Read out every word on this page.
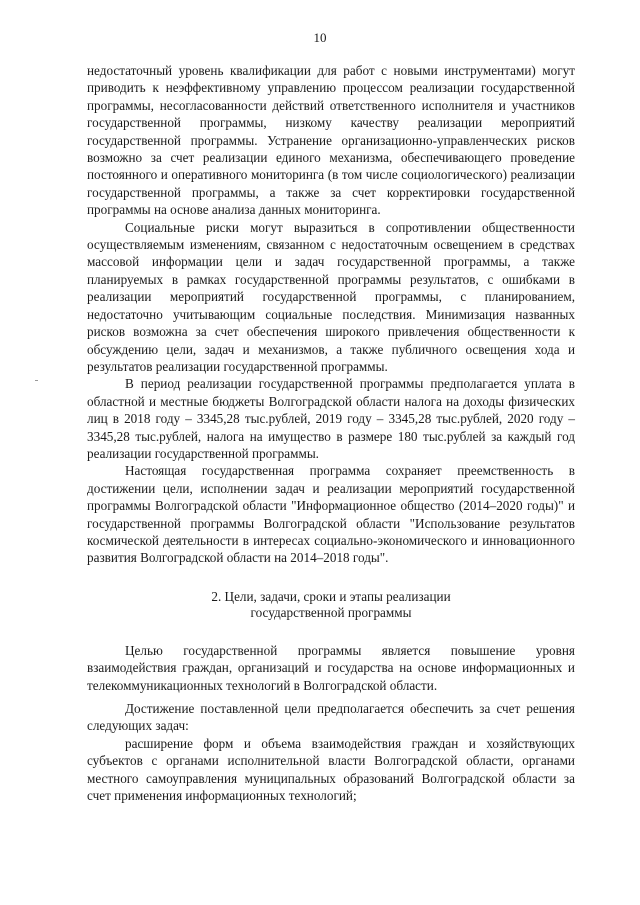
10

недостаточный уровень квалификации для работ с новыми инструментами) могут приводить к неэффективному управлению процессом реализации государственной программы, несогласованности действий ответственного исполнителя и участников государственной программы, низкому качеству реализации мероприятий государственной программы. Устранение организационно-управленческих рисков возможно за счет реализации единого механизма, обеспечивающего проведение постоянного и оперативного мониторинга (в том числе социологического) реализации государственной программы, а также за счет корректировки государственной программы на основе анализа данных мониторинга.

Социальные риски могут выразиться в сопротивлении общественности осуществляемым изменениям, связанном с недостаточным освещением в средствах массовой информации цели и задач государственной программы, а также планируемых в рамках государственной программы результатов, с ошибками в реализации мероприятий государственной программы, с планированием, недостаточно учитывающим социальные последствия. Минимизация названных рисков возможна за счет обеспечения широкого привлечения общественности к обсуждению цели, задач и механизмов, а также публичного освещения хода и результатов реализации государственной программы.

В период реализации государственной программы предполагается уплата в областной и местные бюджеты Волгоградской области налога на доходы физических лиц в 2018 году – 3345,28 тыс.рублей, 2019 году – 3345,28 тыс.рублей, 2020 году – 3345,28 тыс.рублей, налога на имущество в размере 180 тыс.рублей за каждый год реализации государственной программы.

Настоящая государственная программа сохраняет преемственность в достижении цели, исполнении задач и реализации мероприятий государственной программы Волгоградской области "Информационное общество (2014–2020 годы)" и государственной программы Волгоградской области "Использование результатов космической деятельности в интересах социально-экономического и инновационного развития Волгоградской области на 2014–2018 годы".

2. Цели, задачи, сроки и этапы реализации
государственной программы

Целью государственной программы является повышение уровня взаимодействия граждан, организаций и государства на основе информационных и телекоммуникационных технологий в Волгоградской области.

Достижение поставленной цели предполагается обеспечить за счет решения следующих задач:

расширение форм и объема взаимодействия граждан и хозяйствующих субъектов с органами исполнительной власти Волгоградской области, органами местного самоуправления муниципальных образований Волгоградской области за счет применения информационных технологий;
